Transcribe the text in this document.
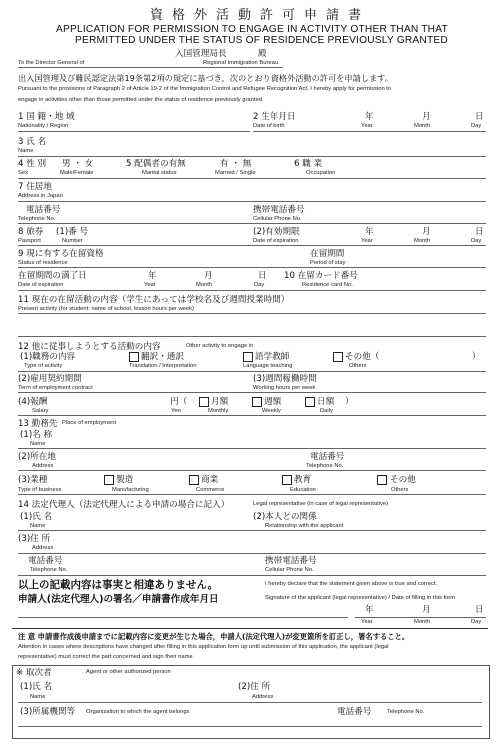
資格外活動許可申請書
APPLICATION FOR PERMISSION TO ENGAGE IN ACTIVITY OTHER THAN THAT
PERMITTED UNDER THE STATUS OF RESIDENCE PREVIOUSLY GRANTED
入国管理局長	殿
To the Director General of	Regional Immigration Bureau
出入国管理及び難民認定法第19条第2項の規定に基づき，次のとおり資格外活動の許可を申請します。
Pursuant to the provisions of Paragraph 2 of Article 19-2 of the Immigration Control and Refugee Recognition Act, I hereby apply for permission to
engage in activities other than those permitted under the status of residence previously granted.
1 国 籍・地 域
Nationality / Region
2 生年月日
Date of birth
年	月	日
Year	Month	Day
3 氏 名
Name
4 性 別 男 ・ 女
Sex	Male/Female
5 配偶者の有無	有 ・ 無
Marital status	Married / Single
6 職 業
Occupation
7 住居地
Address in Japan
電話番号
Telephone No.
携帯電話番号
Cellular Phone No.
8 旅券 (1)番 号
Passport	Number
(2)有効期限
Date of expiration
年	月	日
Year	Month	Day
9 現に有する在留資格
Status of residence
在留期間
Period of stay
在留期間の満了日
Date of expiration
年	月	日
Year	Month	Day
10 在留カード番号
Residence card No.
11 現在の在留活動の内容（学生にあっては学校名及び週間授業時間）
Present activity (for student: name of school, lesson hours per week)
12 他に従事しようとする活動の内容	Other activity to engage in
(1)職務の内容
Type of activity
翻訳・通訳
Translation / Interpretation
語学教師
Language teaching
その他（	）
Others
(2)雇用契約期間
Term of employment contract
(3)週間稼働時間
Working hours per week
(4)報酬
Salary
円（
Yen
月額
Monthly
週額
Weekly
日額 ）
Daily
13 勤務先 Place of employment
(1)名 称
Name
(2)所在地
Address
電話番号
Telephone No.
(3)業種
Type of business
製造
Manufacturing
商業
Commerce
教育
Education
その他
Others
14 法定代理人（法定代理人による申請の場合に記入）	Legal representative (in case of legal representative)
(1)氏 名
Name
(2)本人との関係
Relationship with the applicant
(3)住 所
Address
電話番号
Telephone No.
携帯電話番号
Cellular Phone No.
以上の記載内容は事実と相違ありません。	I hereby declare that the statement given above is true and correct.
申請人(法定代理人)の署名／申請書作成年月日	Signature of the applicant (legal representative) / Date of filling in this form
年	月	日
Year	Month	Day
注 意 申請書作成後申請までに記載内容に変更が生じた場合，申請人(法定代理人)が変更箇所を訂正し，署名すること。
Attention In cases where descriptions have changed after filling in this application form up until submission of this application, the applicant (legal
representative) must correct the part concerned and sign their name.
※ 取次者	Agent or other authorized person
(1)氏 名
Name
(2)住 所
Address
(3)所属機関等 Organization to which the agent belongs	電話番号	Telephone No.
